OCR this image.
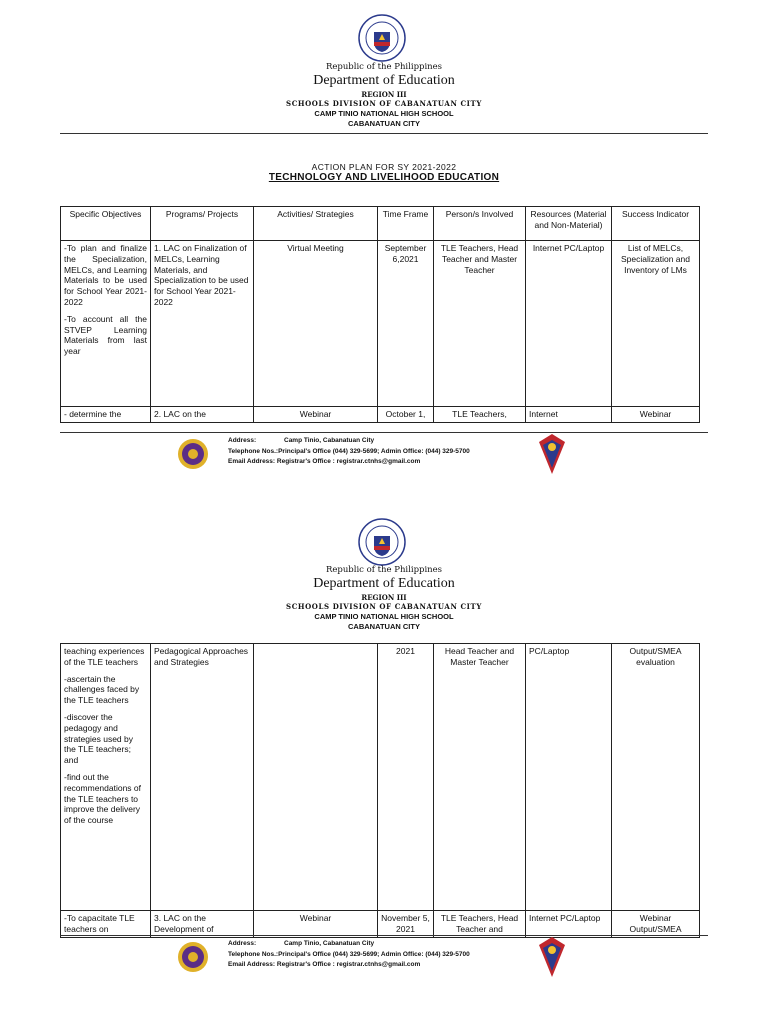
Republic of the Philippines
Department of Education
REGION III
SCHOOLS DIVISION OF CABANATUAN CITY
CAMP TINIO NATIONAL HIGH SCHOOL
CABANATUAN CITY
ACTION PLAN FOR SY 2021-2022
TECHNOLOGY AND LIVELIHOOD EDUCATION
Specific Objectives	Programs/ Projects	Activities/ Strategies	Time Frame	Person/s Involved	Resources (Material and Non-Material)	Success Indicator

-To plan and finalize the Specialization, MELCs, and Learning Materials to be used for School Year 2021-2022
-To account all the STVEP Learning Materials from last year	1. LAC on Finalization of MELCs, Learning Materials, and Specialization to be used for School Year 2021-2022	Virtual Meeting	September 6,2021	TLE Teachers, Head Teacher and Master Teacher	Internet PC/Laptop	List of MELCs, Specialization and Inventory of LMs
- determine the	2. LAC on the	Webinar	October 1,	TLE Teachers,	Internet	Webinar
Address:	Camp Tinio, Cabanatuan City
Telephone Nos.:Principal's Office (044) 329-5699; Admin Office: (044) 329-5700
Email Address: Registrar's Office : registrar.ctnhs@gmail.com
Republic of the Philippines
Department of Education
REGION III
SCHOOLS DIVISION OF CABANATUAN CITY
CAMP TINIO NATIONAL HIGH SCHOOL
CABANATUAN CITY
teaching experiences of the TLE teachers
-ascertain the challenges faced by the TLE teachers
-discover the pedagogy and strategies used by the TLE teachers; and
-find out the recommendations of the TLE teachers to improve the delivery of the course	Pedagogical Approaches and Strategies		2021	Head Teacher and Master Teacher	PC/Laptop	Output/SMEA evaluation
-To capacitate TLE teachers on	3. LAC on the Development of	Webinar	November 5, 2021	TLE Teachers, Head Teacher and	Internet PC/Laptop	Webinar Output/SMEA
Address:	Camp Tinio, Cabanatuan City
Telephone Nos.:Principal's Office (044) 329-5699; Admin Office: (044) 329-5700
Email Address: Registrar's Office : registrar.ctnhs@gmail.com
